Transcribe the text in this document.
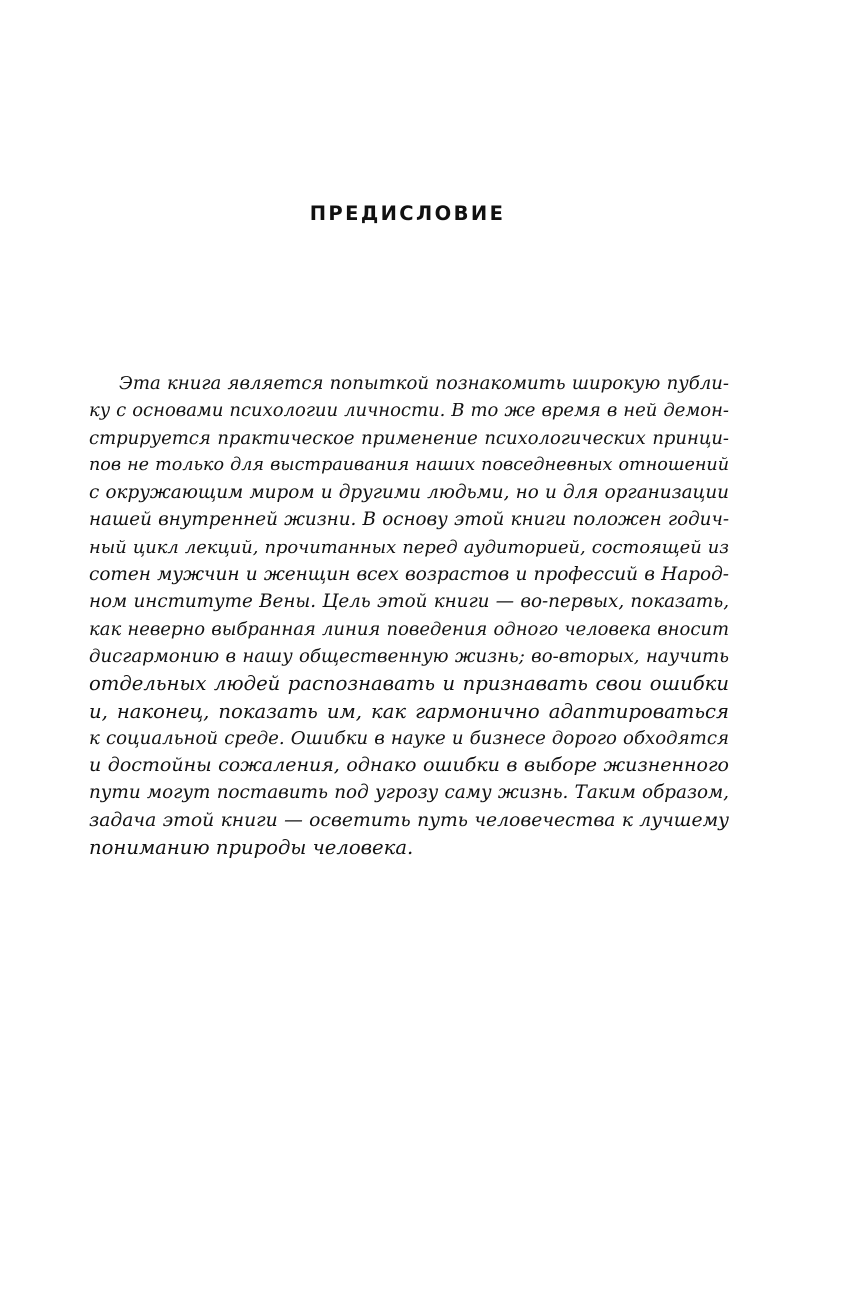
ПРЕДИСЛОВИЕ
Эта книга является попыткой познакомить широкую публи-
ку с основами психологии личности. В то же время в ней демон-
стрируется практическое применение психологических принци-
пов не только для выстраивания наших повседневных отношений
с окружающим миром и другими людьми, но и для организации
нашей внутренней жизни. В основу этой книги положен годич-
ный цикл лекций, прочитанных перед аудиторией, состоящей из
сотен мужчин и женщин всех возрастов и профессий в Народ-
ном институте Вены. Цель этой книги — во-первых, показать,
как неверно выбранная линия поведения одного человека вносит
дисгармонию в нашу общественную жизнь; во-вторых, научить
отдельных людей распознавать и признавать свои ошибки
и, наконец, показать им, как гармонично адаптироваться
к социальной среде. Ошибки в науке и бизнесе дорого обходятся
и достойны сожаления, однако ошибки в выборе жизненного
пути могут поставить под угрозу саму жизнь. Таким образом,
задача этой книги — осветить путь человечества к лучшему
пониманию природы человека.
